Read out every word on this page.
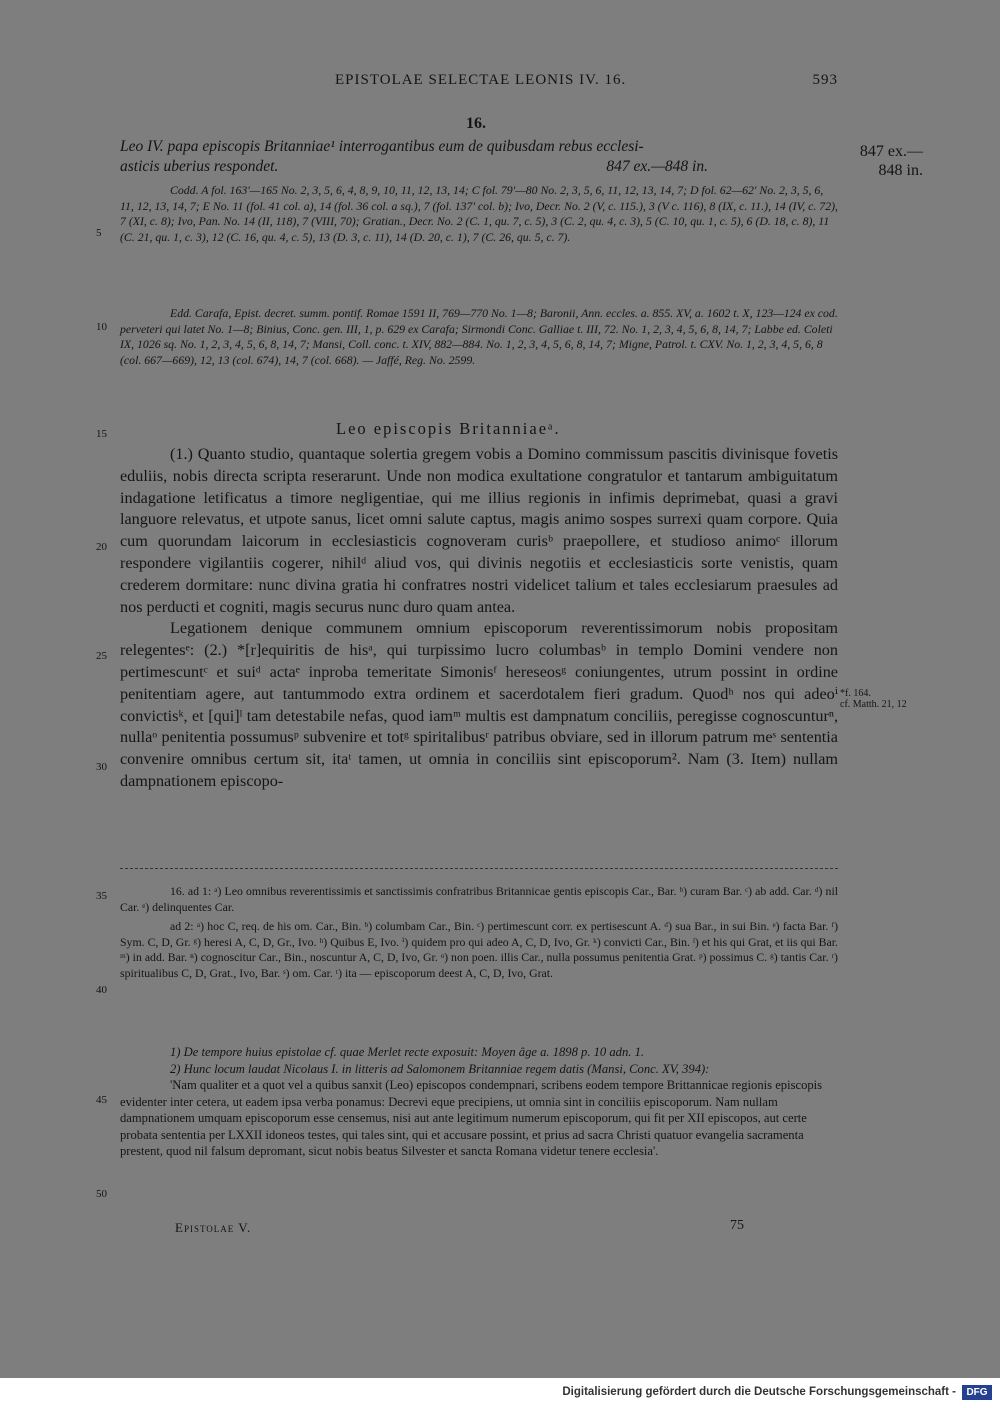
EPISTOLAE SELECTAE LEONIS IV. 16.	593
16.
Leo IV. papa episcopis Britanniae¹ interrogantibus eum de quibusdam rebus ecclesi-
asticis uberius respondet.	847 ex.—848 in.
847 ex.—
848 in.

Codd. A fol. 163'—165 No. 2, 3, 5, 6, 4, 8, 9, 10, 11, 12, 13, 14; C fol. 79'—80 No. 2, 3, 5, 6, 11, 12, 13, 14, 7; D fol. 62—62' No. 2, 3, 5, 6, 11, 12, 13, 14, 7; E No. 11 (fol. 41 col. a), 14 (fol. 36 col. a sq.), 7 (fol. 137' col. b); Ivo, Decr. No. 2 (V, c. 115.), 3 (V c. 116), 8 (IX, c. 11.), 14 (IV, c. 72), 7 (XI, c. 8); Ivo, Pan. No. 14 (II, 118), 7 (VIII, 70); Gratian., Decr. No. 2 (C. 1, qu. 7, c. 5), 3 (C. 2, qu. 4, c. 3), 5 (C. 10, qu. 1, c. 5), 6 (D. 18, c. 8), 11 (C. 21, qu. 1, c. 3), 12 (C. 16, qu. 4, c. 5), 13 (D. 3, c. 11), 14 (D. 20, c. 1), 7 (C. 26, qu. 5, c. 7).

Edd. Carafa, Epist. decret. summ. pontif. Romae 1591 II, 769—770 No. 1—8; Baronii, Ann. eccles. a. 855. XV, a. 1602 t. X, 123—124 ex cod. perveteri qui latet No. 1—8; Binius, Conc. gen. III, 1, p. 629 ex Carafa; Sirmondi Conc. Galliae t. III, 72. No. 1, 2, 3, 4, 5, 6, 8, 14, 7; Labbe ed. Coleti IX, 1026 sq. No. 1, 2, 3, 4, 5, 6, 8, 14, 7; Mansi, Coll. conc. t. XIV, 882—884. No. 1, 2, 3, 4, 5, 6, 8, 14, 7; Migne, Patrol. t. CXV. No. 1, 2, 3, 4, 5, 6, 8 (col. 667—669), 12, 13 (col. 674), 14, 7 (col. 668). — Jaffé, Reg. No. 2599.

Leo episcopis Britanniaeᵃ.

(1.) Quanto studio, quantaque solertia gregem vobis a Domino commissum pascitis divinisque fovetis eduliis, nobis directa scripta reserarunt. Unde non modica exultatione congratulor et tantarum ambiguitatum indagatione letificatus a timore negligentiae, qui me illius regionis in infimis deprimebat, quasi a gravi languore relevatus, et utpote sanus, licet omni salute captus, magis animo sospes surrexi quam corpore. Quia cum quorundam laicorum in ecclesiasticis cognoveram curisᵇ praepollere, et studioso animoᶜ illorum respondere vigilantiis cogerer, nihilᵈ aliud vos, qui divinis negotiis et ecclesiasticis sorte venistis, quam crederem dormitare: nunc divina gratia hi confratres nostri videlicet talium et tales ecclesiarum praesules ad nos perducti et cogniti, magis securus nunc duro quam antea.

Legationem denique communem omnium episcoporum reverentissimorum nobis propositam relegentesᵉ: (2.) *[r]equiritis de hisᵃ, qui turpissimo lucro columbasᵇ in templo Domini vendere non pertimescuntᶜ et suiᵈ actaᵉ inproba temeritate Simonisᶠ hereseosᵍ coniungentes, utrum possint in ordine penitentiam agere, aut tantummodo extra ordinem et sacerdotalem fieri gradum. Quodʰ nos qui adeoⁱ convictisᵏ, et [qui]ˡ tam detestabile nefas, quod iamᵐ multis est dampnatum conciliis, peregisse cognoscunturⁿ, nullaᵒ penitentia possumusᵖ subvenire et totᵍ spiritalibusʳ patribus obviare, sed in illorum patrum meˢ sententia convenire omnibus certum sit, itaᵗ tamen, ut omnia in conciliis sint episcoporum². Nam (3. Item) nullam dampnationem episcopo-

*f. 164.
cf. Matth. 21, 12

16. ad 1: ᵃ) Leo omnibus reverentissimis et sanctissimis confratribus Britannicae gentis episcopis Car., Bar. ᵇ) curam Bar. ᶜ) ab add. Car. ᵈ) nil Car. ᵉ) delinquentes Car.

ad 2: ᵃ) hoc C, req. de his om. Car., Bin. ᵇ) columbam Car., Bin. ᶜ) pertimescunt corr. ex pertisescunt A. ᵈ) sua Bar., in sui Bin. ᵉ) facta Bar. ᶠ) Sym. C, D, Gr. ᵍ) heresi A, C, D, Gr., Ivo. ʰ) Quibus E, Ivo. ⁱ) quidem pro qui adeo A, C, D, Ivo, Gr. ᵏ) convicti Car., Bin. ˡ) et his qui Grat, et iis qui Bar. ᵐ) in add. Bar. ⁿ) cognoscitur Car., Bin., noscuntur A, C, D, Ivo, Gr. ᵒ) non poen. illis Car., nulla possumus penitentia Grat. ᵖ) possimus C. ᵍ) tantis Car. ʳ) spiritualibus C, D, Grat., Ivo, Bar. ˢ) om. Car. ᵗ) ita — episcoporum deest A, C, D, Ivo, Grat.

1) De tempore huius epistolae cf. quae Merlet recte exposuit: Moyen âge a. 1898 p. 10 adn. 1.

2) Hunc locum laudat Nicolaus I. in litteris ad Salomonem Britanniae regem datis (Mansi, Conc. XV, 394):

'Nam qualiter et a quot vel a quibus sanxit (Leo) episcopos condempnari, scribens eodem tempore Brittannicae regionis episcopis evidenter inter cetera, ut eadem ipsa verba ponamus: Decrevi eque precipiens, ut omnia sint in conciliis episcoporum. Nam nullam dampnationem umquam episcoporum esse censemus, nisi aut ante legitimum numerum episcoporum, qui fit per XII episcopos, aut certe probata sententia per LXXII idoneos testes, qui tales sint, qui et accusare possint, et prius ad sacra Christi quatuor evangelia sacramenta prestent, quod nil falsum depromant, sicut nobis beatus Silvester et sancta Romana videtur tenere ecclesia'.

5
10
15
20
25
30
35
40
45
50
Epistolae V.	75
Digitalisierung gefördert durch die Deutsche Forschungsgemeinschaft -	DFG
